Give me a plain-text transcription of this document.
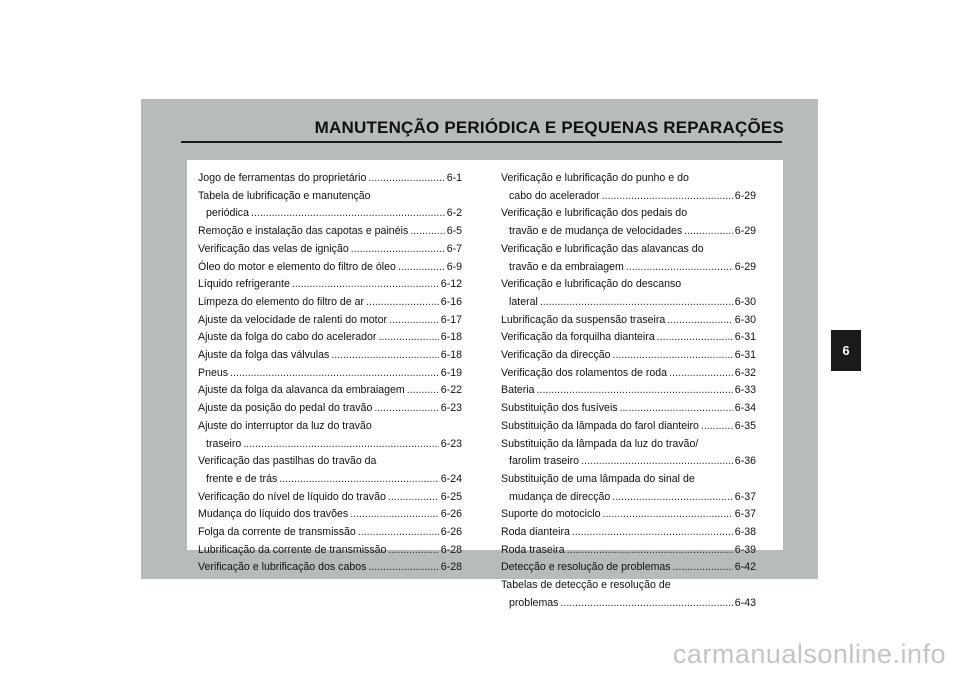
MANUTENÇÃO PERIÓDICA E PEQUENAS REPARAÇÕES
Jogo de ferramentas do proprietário .....	6-1
Tabela de lubrificação e manutenção
periódica .....	6-2
Remoção e instalação das capotas e painéis .....	6-5
Verificação das velas de ignição .....	6-7
Óleo do motor e elemento do filtro de óleo .....	6-9
Líquido refrigerante .....	6-12
Limpeza do elemento do filtro de ar .....	6-16
Ajuste da velocidade de ralenti do motor .....	6-17
Ajuste da folga do cabo do acelerador .....	6-18
Ajuste da folga das válvulas .....	6-18
Pneus .....	6-19
Ajuste da folga da alavanca da embraiagem .....	6-22
Ajuste da posição do pedal do travão .....	6-23
Ajuste do interruptor da luz do travão
traseiro .....	6-23
Verificação das pastilhas do travão da
frente e de trás .....	6-24
Verificação do nível de líquido do travão .....	6-25
Mudança do líquido dos travões .....	6-26
Folga da corrente de transmissão .....	6-26
Lubrificação da corrente de transmissão .....	6-28
Verificação e lubrificação dos cabos .....	6-28
Verificação e lubrificação do punho e do
cabo do acelerador .....	6-29
Verificação e lubrificação dos pedais do
travão e de mudança de velocidades .....	6-29
Verificação e lubrificação das alavancas do
travão e da embraiagem .....	6-29
Verificação e lubrificação do descanso
lateral .....	6-30
Lubrificação da suspensão traseira .....	6-30
Verificação da forquilha dianteira .....	6-31
Verificação da direcção .....	6-31
Verificação dos rolamentos de roda .....	6-32
Bateria .....	6-33
Substituição dos fusíveis .....	6-34
Substituição da lâmpada do farol dianteiro .....	6-35
Substituição da lâmpada da luz do travão/
farolim traseiro .....	6-36
Substituição de uma lâmpada do sinal de
mudança de direcção .....	6-37
Suporte do motociclo .....	6-37
Roda dianteira .....	6-38
Roda traseira .....	6-39
Detecção e resolução de problemas .....	6-42
Tabelas de detecção e resolução de
problemas .....	6-43
6
carmanualsonline.info
